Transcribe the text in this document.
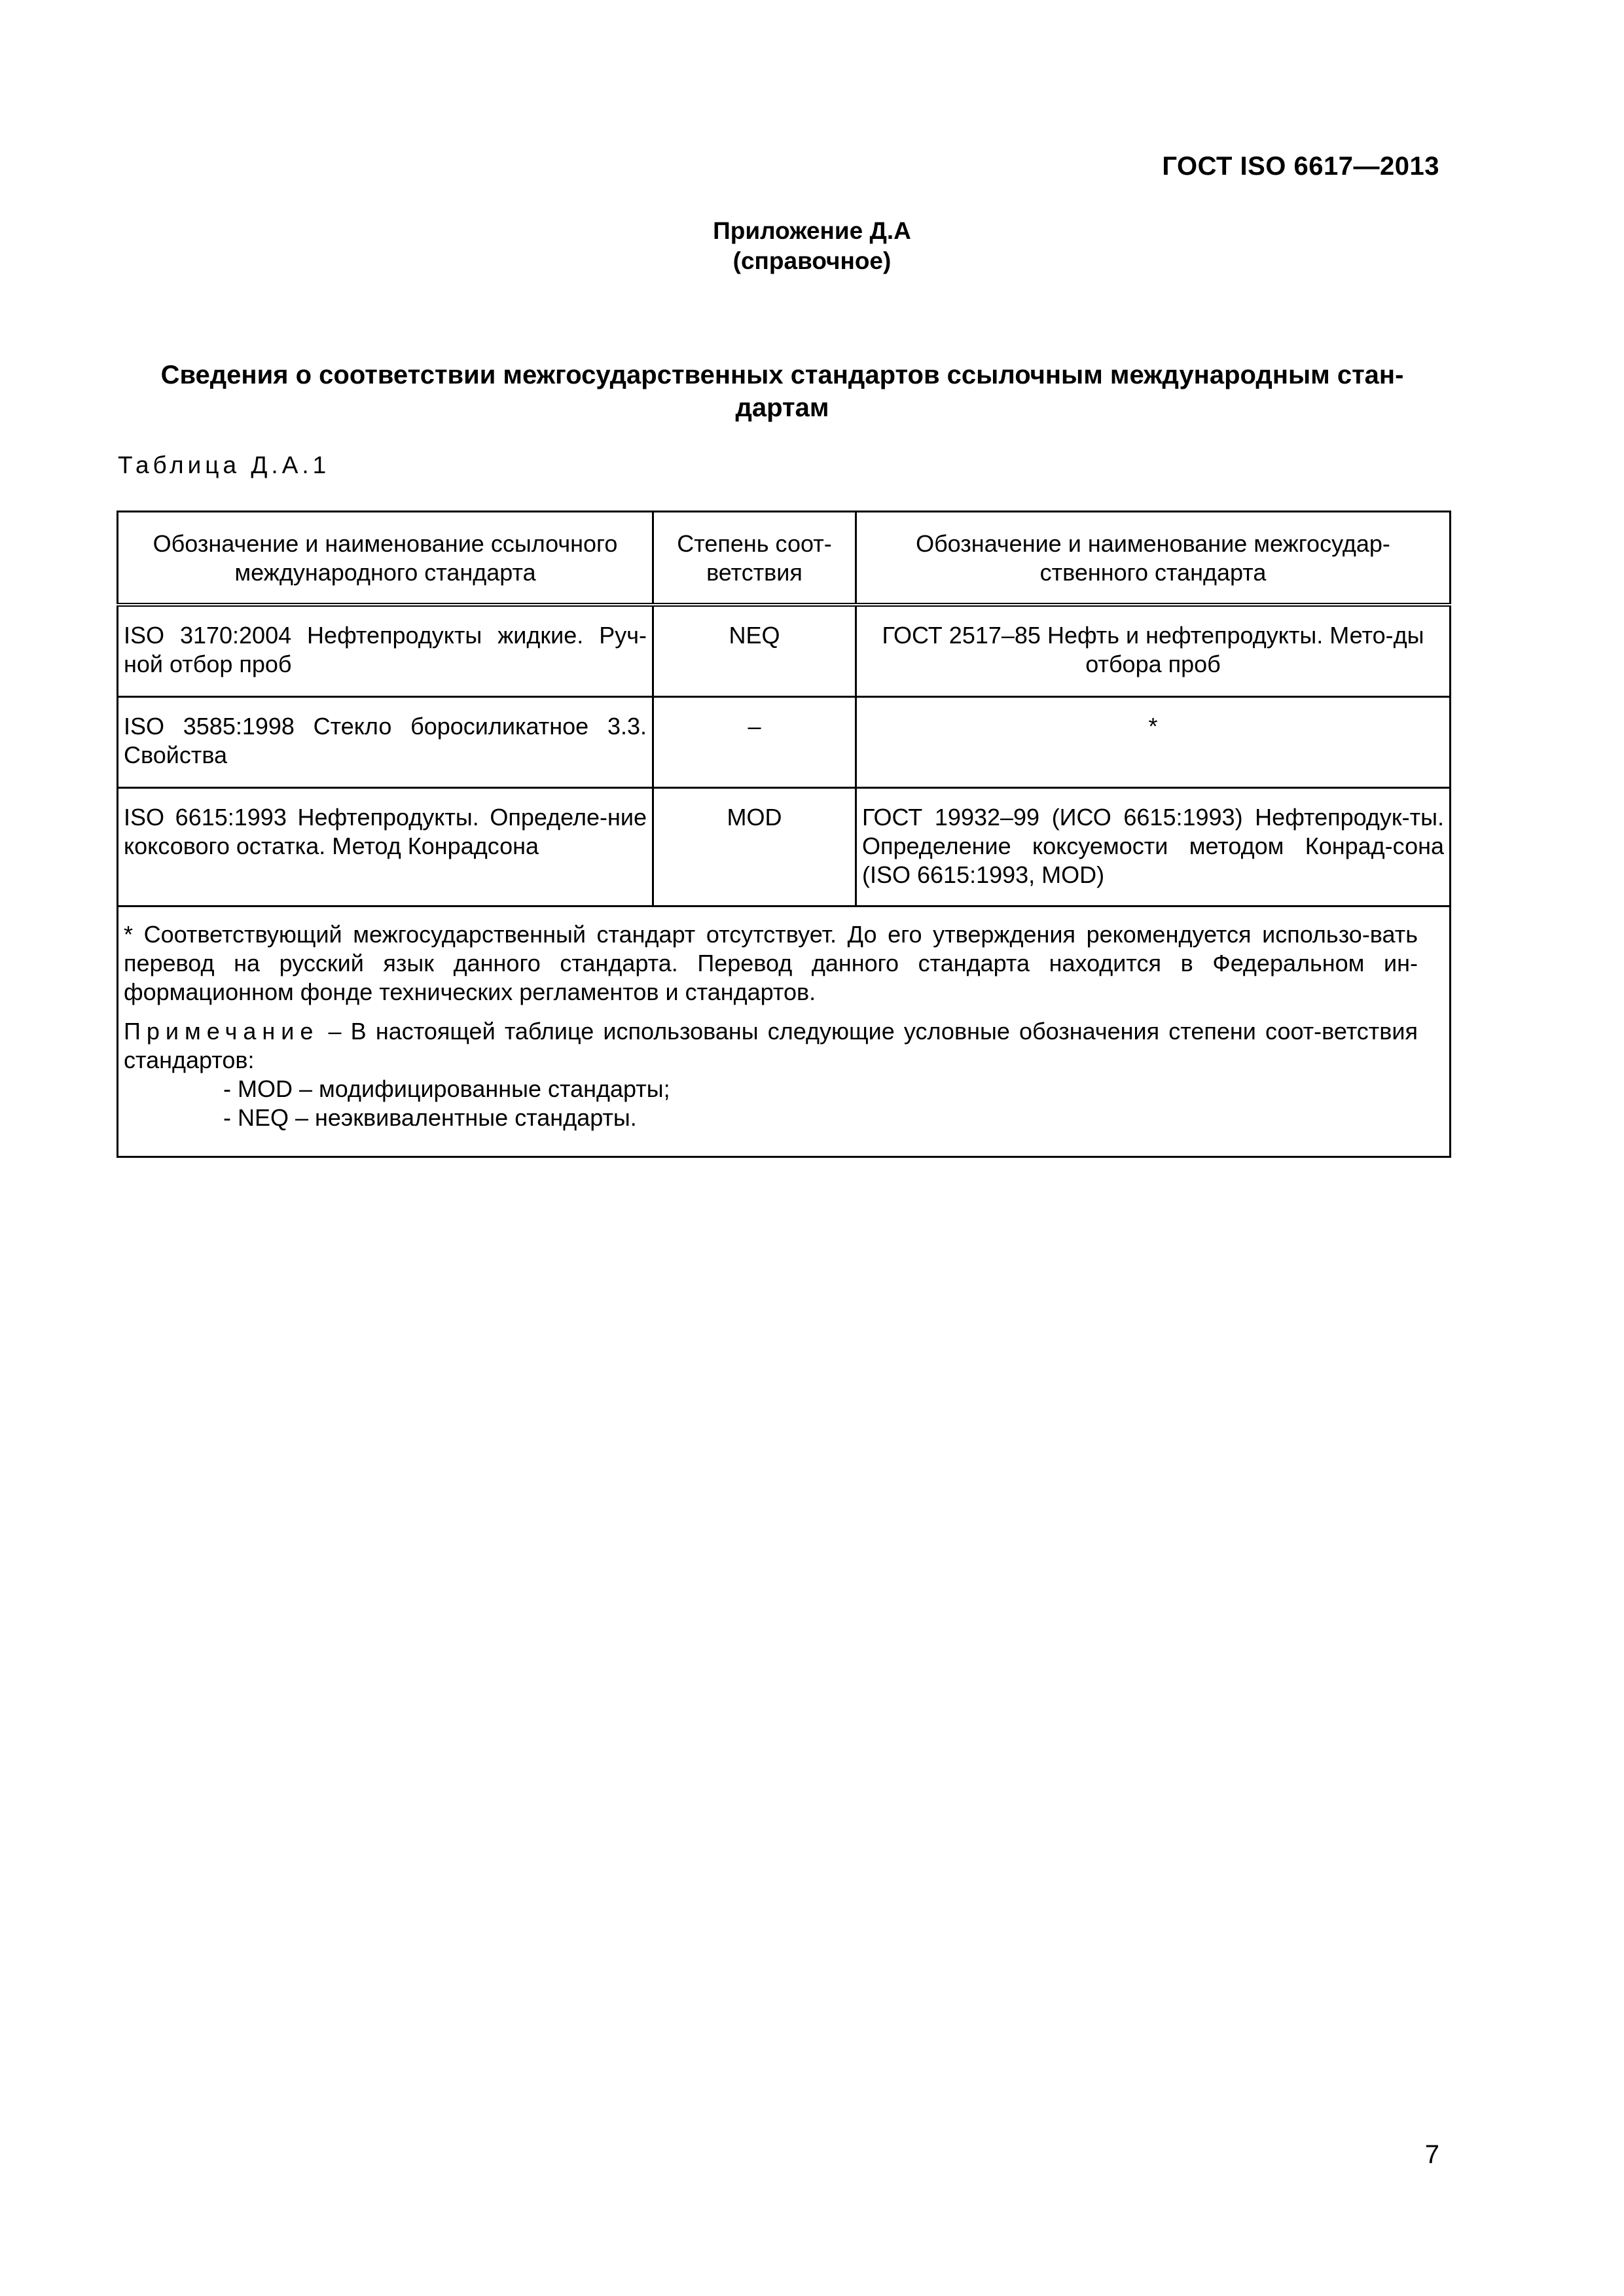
ГОСТ ISO 6617—2013
Приложение Д.А
(справочное)
Сведения о соответствии межгосударственных стандартов ссылочным международным стан-
дартам
Таблица Д.А.1
Обозначение и наименование ссылочного международного стандарта	Степень соот-ветствия	Обозначение и наименование межгосудар-ственного стандарта
ISO 3170:2004 Нефтепродукты жидкие. Руч-ной отбор проб	NEQ	ГОСТ 2517–85 Нефть и нефтепродукты. Мето-ды отбора проб
ISO 3585:1998 Стекло боросиликатное 3.3. Свойства	–	*
ISO 6615:1993 Нефтепродукты. Определе-ние коксового остатка. Метод Конрадсона	MOD	ГОСТ 19932–99 (ИСО 6615:1993) Нефтепродук-ты. Определение коксуемости методом Конрад-сона (ISO 6615:1993, MOD)

* Соответствующий межгосударственный стандарт отсутствует. До его утверждения рекомендуется использо-вать перевод на русский язык данного стандарта. Перевод данного стандарта находится в Федеральном ин-формационном фонде технических регламентов и стандартов.

Примечание – В настоящей таблице использованы следующие условные обозначения степени соот-ветствия стандартов:

- MOD – модифицированные стандарты;
- NEQ – неэквивалентные стандарты.		
7
